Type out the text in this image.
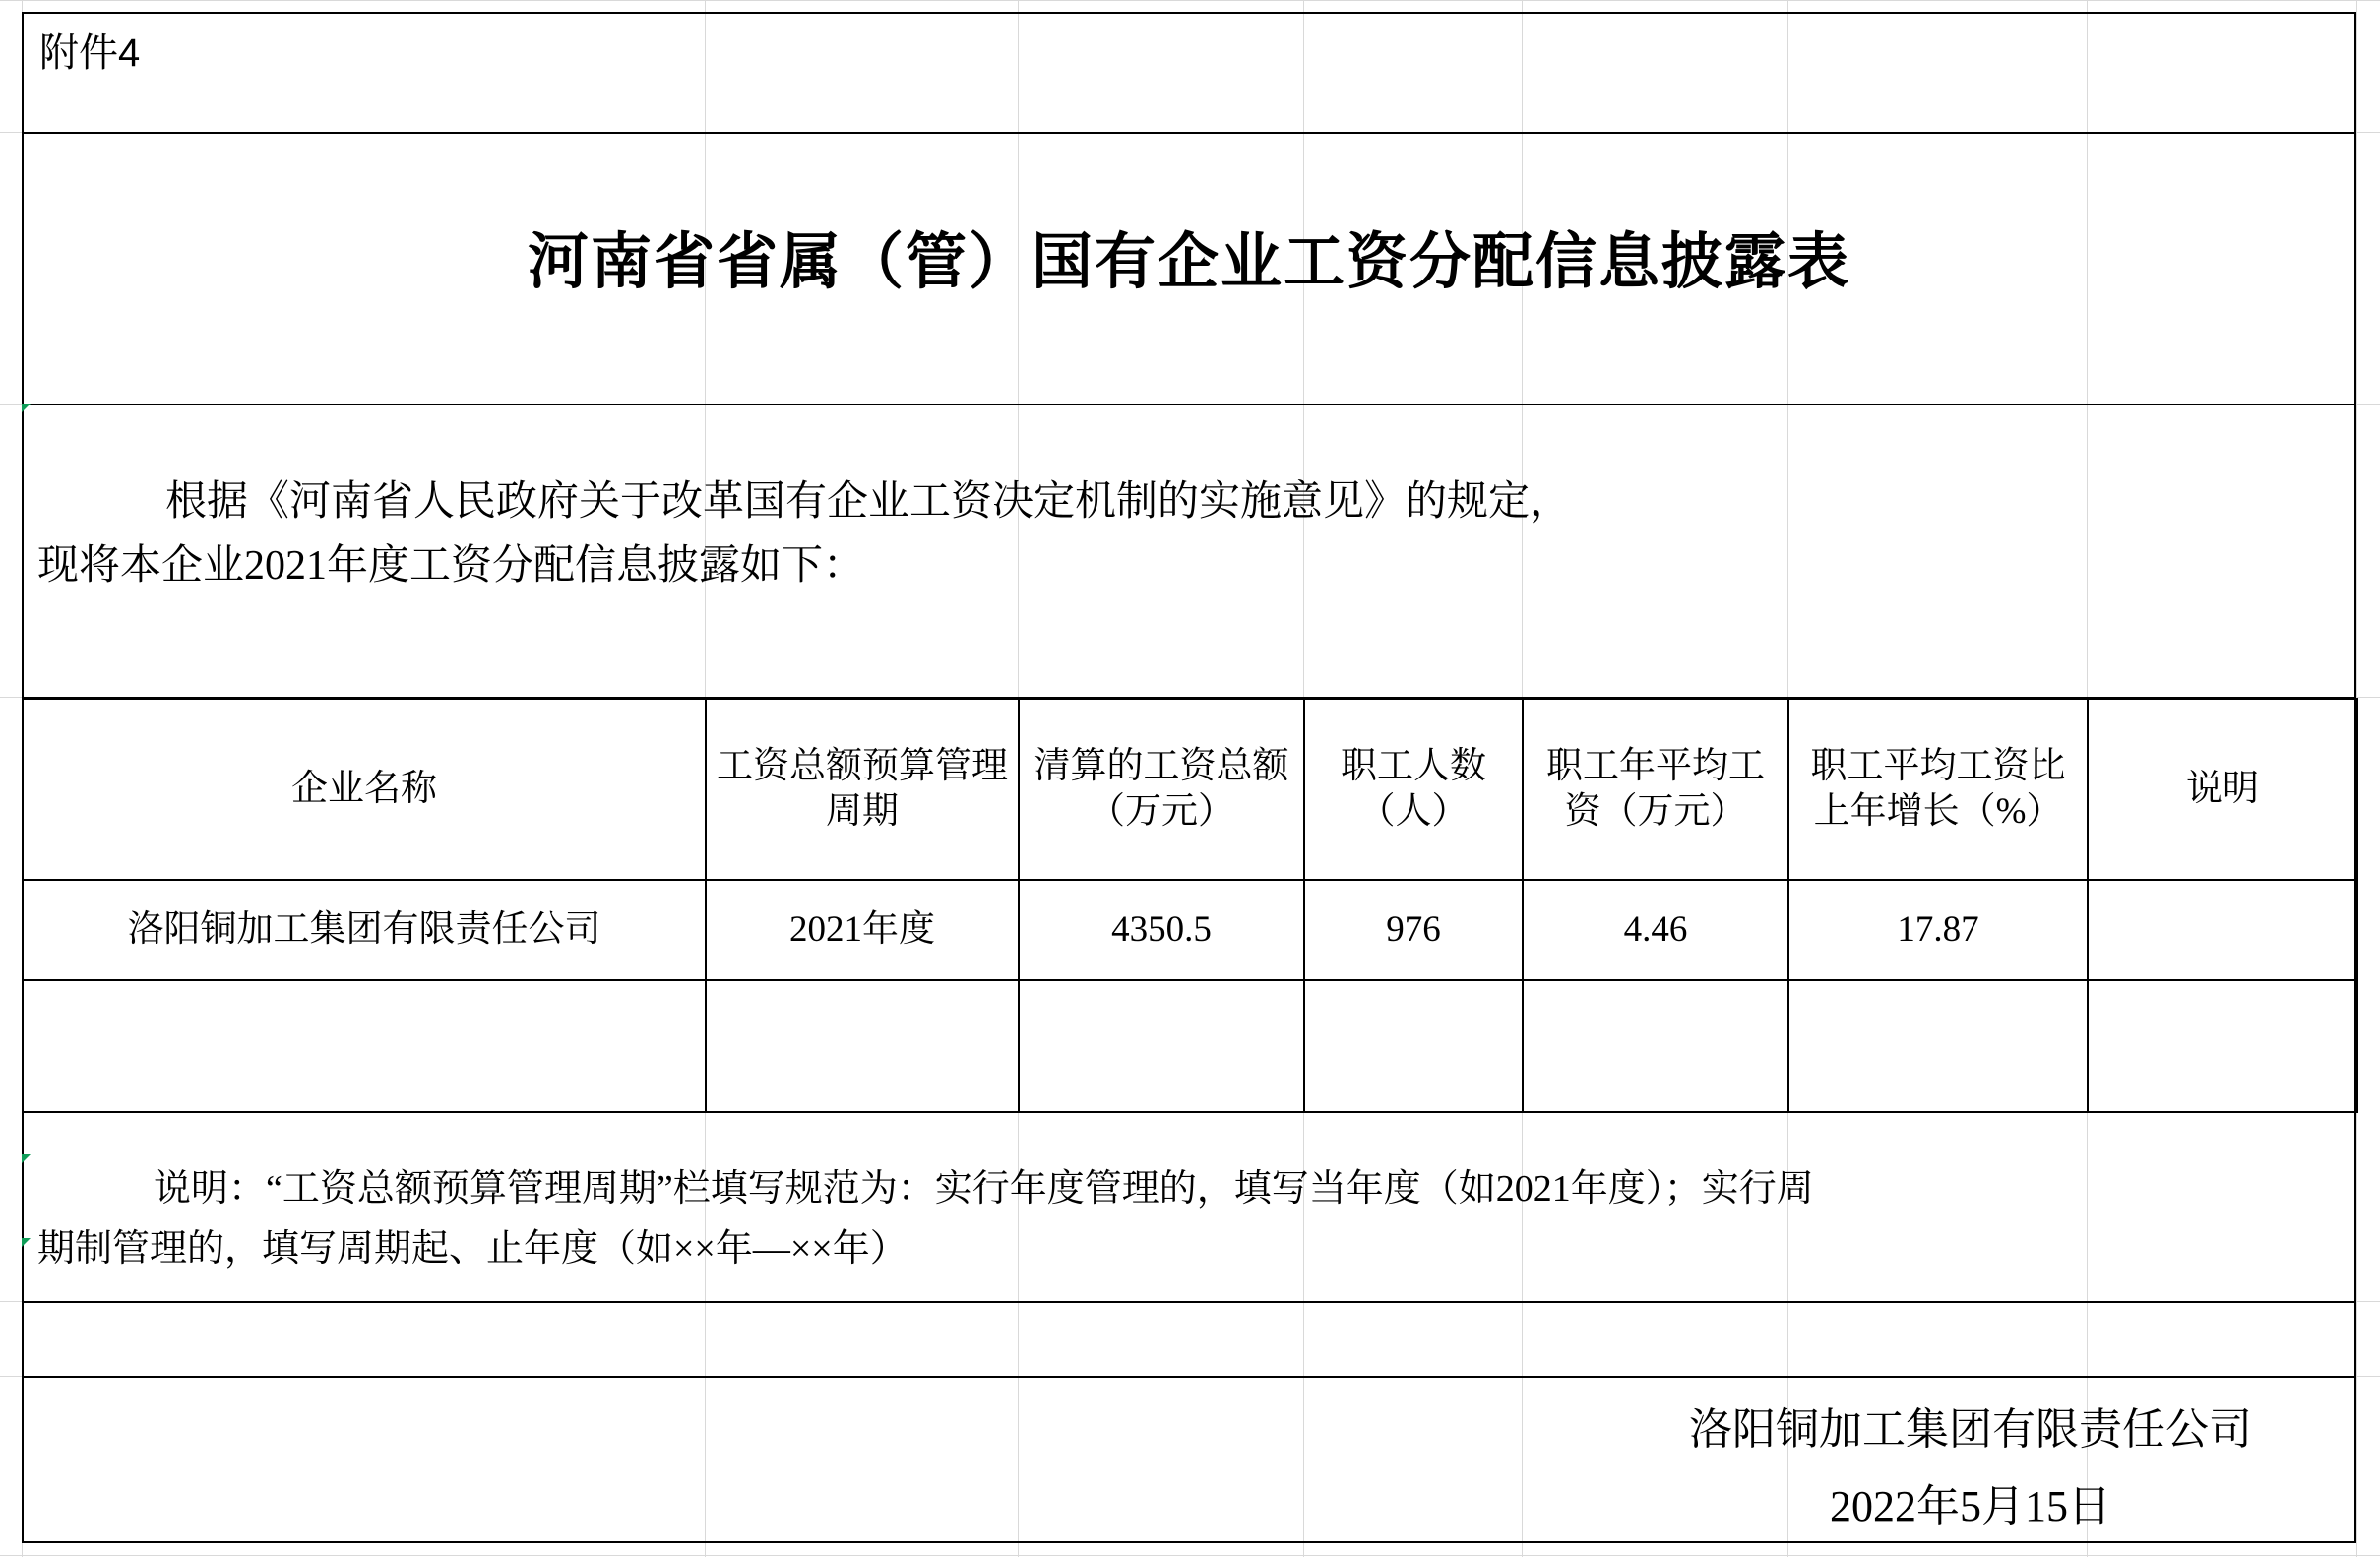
附件4
河南省省属（管）国有企业工资分配信息披露表
根据《河南省人民政府关于改革国有企业工资决定机制的实施意见》的规定，
现将本企业2021年度工资分配信息披露如下：
企业名称	工资总额预算管理周期	清算的工资总额（万元）	职工人数（人）	职工年平均工资（万元）	职工平均工资比上年增长（%）	说明
洛阳铜加工集团有限责任公司	2021年度	4350.5	976	4.46	17.87	

说明：“工资总额预算管理周期”栏填写规范为：实行年度管理的，填写当年度（如2021年度）；实行周
期制管理的，填写周期起、止年度（如××年—××年）
洛阳铜加工集团有限责任公司
2022年5月15日
